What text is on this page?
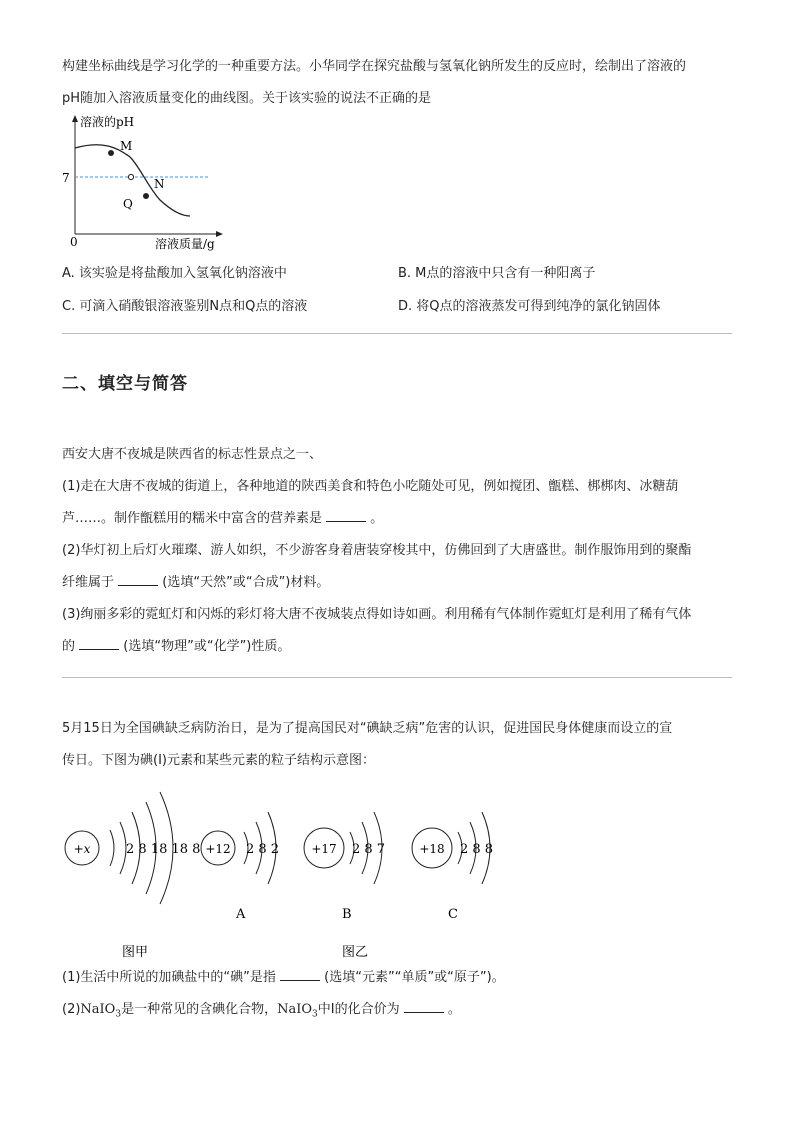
构建坐标曲线是学习化学的一种重要方法。小华同学在探究盐酸与氢氧化钠所发生的反应时，绘制出了溶液的
pH随加入溶液质量变化的曲线图。关于该实验的说法不正确的是
溶液的pH
M
N
Q
7
0	溶液质量/g
A. 该实验是将盐酸加入氢氧化钠溶液中	B. M点的溶液中只含有一种阳离子
C. 可滴入硝酸银溶液鉴别N点和Q点的溶液	D. 将Q点的溶液蒸发可得到纯净的氯化钠固体
二、填空与简答
西安大唐不夜城是陕西省的标志性景点之一、
(1)走在大唐不夜城的街道上，各种地道的陕西美食和特色小吃随处可见，例如搅团、甑糕、梆梆肉、冰糖葫
芦……。制作甑糕用的糯米中富含的营养素是	。
(2)华灯初上后灯火璀璨、游人如织，不少游客身着唐装穿梭其中，仿佛回到了大唐盛世。制作服饰用到的聚酯
纤维属于	(选填“天然”或“合成”)材料。
(3)绚丽多彩的霓虹灯和闪烁的彩灯将大唐不夜城装点得如诗如画。利用稀有气体制作霓虹灯是利用了稀有气体
的	(选填“物理”或“化学”)性质。
5月15日为全国碘缺乏病防治日，是为了提高国民对“碘缺乏病”危害的认识，促进国民身体健康而设立的宣
传日。下图为碘(I)元素和某些元素的粒子结构示意图：
+x	2 8 18 18 8 +12 2 8 2
A
+17 2 8 7
B
+18 2 8 8
C
图甲	图乙
(1)生活中所说的加碘盐中的“碘”是指	(选填“元素”“单质”或“原子”)。
(2)NaIO$_3$是一种常见的含碘化合物，NaIO$_3$中I的化合价为	。
